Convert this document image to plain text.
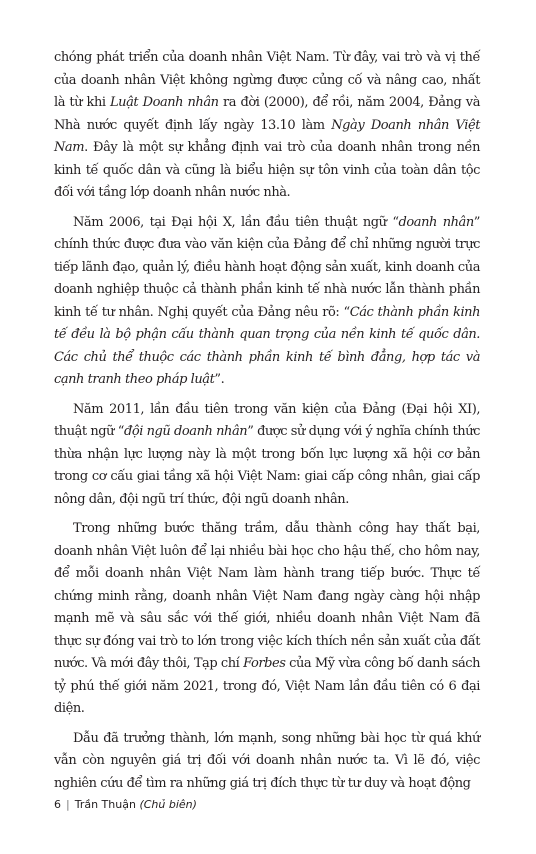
chóng phát triển của doanh nhân Việt Nam. Từ đây, vai trò và vị thế của doanh nhân Việt không ngừng được củng cố và nâng cao, nhất là từ khi Luật Doanh nhân ra đời (2000), để rồi, năm 2004, Đảng và Nhà nước quyết định lấy ngày 13.10 làm Ngày Doanh nhân Việt Nam. Đây là một sự khẳng định vai trò của doanh nhân trong nền kinh tế quốc dân và cũng là biểu hiện sự tôn vinh của toàn dân tộc đối với tầng lớp doanh nhân nước nhà.

Năm 2006, tại Đại hội X, lần đầu tiên thuật ngữ “doanh nhân” chính thức được đưa vào văn kiện của Đảng để chỉ những người trực tiếp lãnh đạo, quản lý, điều hành hoạt động sản xuất, kinh doanh của doanh nghiệp thuộc cả thành phần kinh tế nhà nước lẫn thành phần kinh tế tư nhân. Nghị quyết của Đảng nêu rõ: “Các thành phần kinh tế đều là bộ phận cấu thành quan trọng của nền kinh tế quốc dân. Các chủ thể thuộc các thành phần kinh tế bình đẳng, hợp tác và cạnh tranh theo pháp luật”.

Năm 2011, lần đầu tiên trong văn kiện của Đảng (Đại hội XI), thuật ngữ “đội ngũ doanh nhân” được sử dụng với ý nghĩa chính thức thừa nhận lực lượng này là một trong bốn lực lượng xã hội cơ bản trong cơ cấu giai tầng xã hội Việt Nam: giai cấp công nhân, giai cấp nông dân, đội ngũ trí thức, đội ngũ doanh nhân.

Trong những bước thăng trầm, dẫu thành công hay thất bại, doanh nhân Việt luôn để lại nhiều bài học cho hậu thế, cho hôm nay, để mỗi doanh nhân Việt Nam làm hành trang tiếp bước. Thực tế chứng minh rằng, doanh nhân Việt Nam đang ngày càng hội nhập mạnh mẽ và sâu sắc với thế giới, nhiều doanh nhân Việt Nam đã thực sự đóng vai trò to lớn trong việc kích thích nền sản xuất của đất nước. Và mới đây thôi, Tạp chí Forbes của Mỹ vừa công bố danh sách tỷ phú thế giới năm 2021, trong đó, Việt Nam lần đầu tiên có 6 đại diện.

Dẫu đã trưởng thành, lớn mạnh, song những bài học từ quá khứ vẫn còn nguyên giá trị đối với doanh nhân nước ta. Vì lẽ đó, việc nghiên cứu để tìm ra những giá trị đích thực từ tư duy và hoạt động

6 | Trần Thuận (Chủ biên)
